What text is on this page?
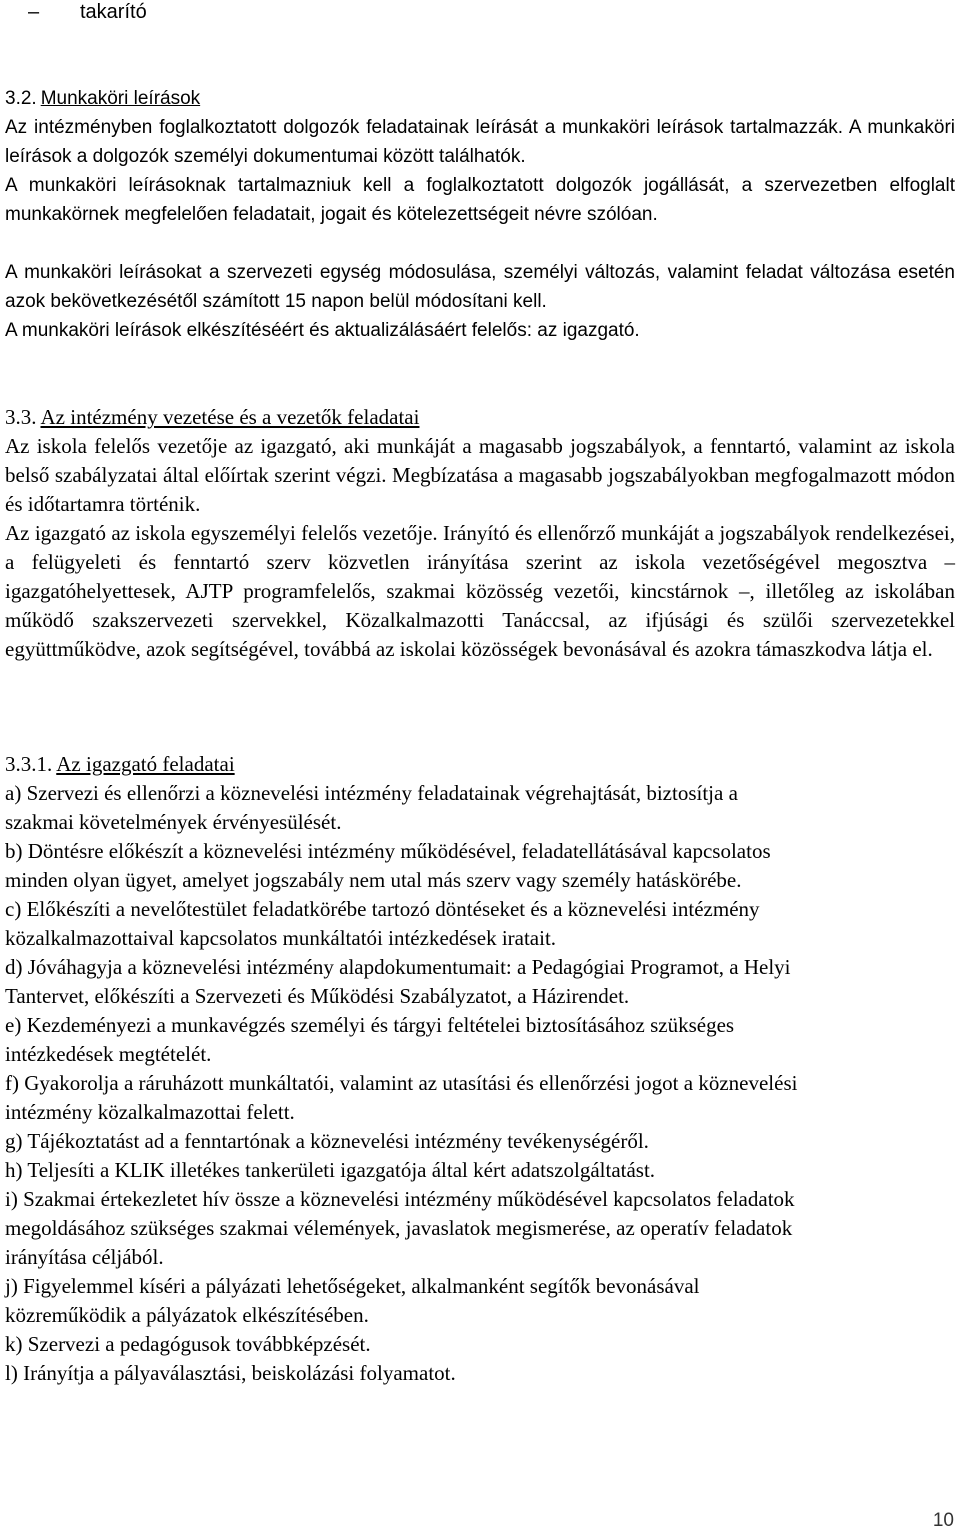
– takarító
3.2. Munkaköri leírások
Az intézményben foglalkoztatott dolgozók feladatainak leírását a munkaköri leírások tartalmazzák. A munkaköri leírások a dolgozók személyi dokumentumai között találhatók.
A munkaköri leírásoknak tartalmazniuk kell a foglalkoztatott dolgozók jogállását, a szervezetben elfoglalt munkakörnek megfelelően feladatait, jogait és kötelezettségeit névre szólóan.
A munkaköri leírásokat a szervezeti egység módosulása, személyi változás, valamint feladat változása esetén azok bekövetkezésétől számított 15 napon belül módosítani kell.
A munkaköri leírások elkészítéséért és aktualizálásáért felelős: az igazgató.
3.3. Az intézmény vezetése és a vezetők feladatai
Az iskola felelős vezetője az igazgató, aki munkáját a magasabb jogszabályok, a fenntartó, valamint az iskola belső szabályzatai által előírtak szerint végzi. Megbízatása a magasabb jogszabályokban megfogalmazott módon és időtartamra történik.
Az igazgató az iskola egyszemélyi felelős vezetője. Irányító és ellenőrző munkáját a jogszabályok rendelkezései, a felügyeleti és fenntartó szerv közvetlen irányítása szerint az iskola vezetőségével megosztva – igazgatóhelyettesek, AJTP programfelelős, szakmai közösség vezetői, kincstárnok –, illetőleg az iskolában működő szakszervezeti szervekkel, Közalkalmazotti Tanáccsal, az ifjúsági és szülői szervezetekkel együttműködve, azok segítségével, továbbá az iskolai közösségek bevonásával és azokra támaszkodva látja el.
3.3.1. Az igazgató feladatai

a) Szervezi és ellenőrzi a köznevelési intézmény feladatainak végrehajtását, biztosítja a

szakmai követelmények érvényesülését.

b) Döntésre előkészít a köznevelési intézmény működésével, feladatellátásával kapcsolatos

minden olyan ügyet, amelyet jogszabály nem utal más szerv vagy személy hatáskörébe.

c) Előkészíti a nevelőtestület feladatkörébe tartozó döntéseket és a köznevelési intézmény

közalkalmazottaival kapcsolatos munkáltatói intézkedések iratait.

d) Jóváhagyja a köznevelési intézmény alapdokumentumait: a Pedagógiai Programot, a Helyi

Tantervet, előkészíti a Szervezeti és Működési Szabályzatot, a Házirendet.

e) Kezdeményezi a munkavégzés személyi és tárgyi feltételei biztosításához szükséges

intézkedések megtételét.

f) Gyakorolja a ráruházott munkáltatói, valamint az utasítási és ellenőrzési jogot a köznevelési

intézmény közalkalmazottai felett.

g) Tájékoztatást ad a fenntartónak a köznevelési intézmény tevékenységéről.

h) Teljesíti a KLIK illetékes tankerületi igazgatója által kért adatszolgáltatást.

i) Szakmai értekezletet hív össze a köznevelési intézmény működésével kapcsolatos feladatok

megoldásához szükséges szakmai vélemények, javaslatok megismerése, az operatív feladatok

irányítása céljából.

j) Figyelemmel kíséri a pályázati lehetőségeket, alkalmanként segítők bevonásával

közreműködik a pályázatok elkészítésében.

k) Szervezi a pedagógusok továbbképzését.

l) Irányítja a pályaválasztási, beiskolázási folyamatot.

10
